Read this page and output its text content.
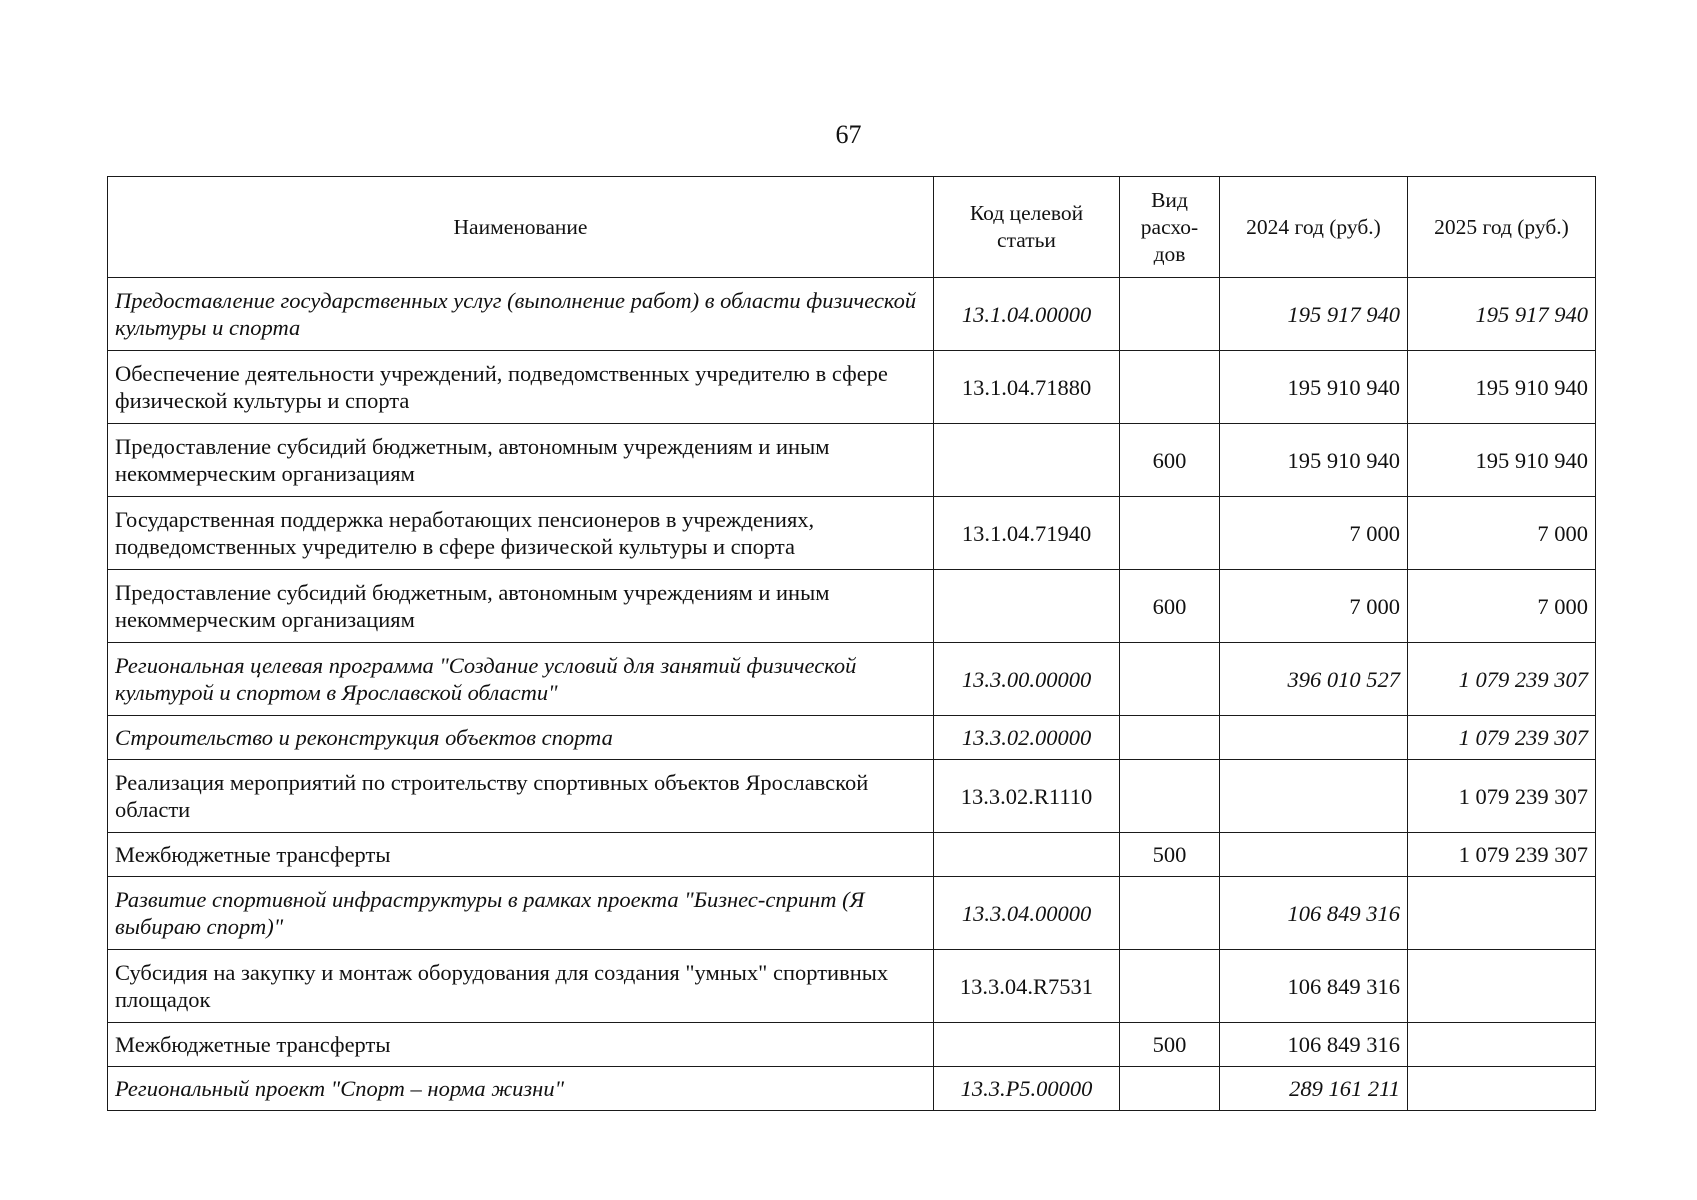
67
Наименование	Код целевой статьи	Вид расхо-дов	2024 год (руб.)	2025 год (руб.)
Предоставление государственных услуг (выполнение работ) в области физической культуры и спорта	13.1.04.00000		195 917 940	195 917 940
Обеспечение деятельности учреждений, подведомственных учредителю в сфере физической культуры и спорта	13.1.04.71880		195 910 940	195 910 940
Предоставление субсидий бюджетным, автономным учреждениям и иным некоммерческим организациям		600	195 910 940	195 910 940
Государственная поддержка неработающих пенсионеров в учреждениях, подведомственных учредителю в сфере физической культуры и спорта	13.1.04.71940		7 000	7 000
Предоставление субсидий бюджетным, автономным учреждениям и иным некоммерческим организациям		600	7 000	7 000
Региональная целевая программа "Создание условий для занятий физической культурой и спортом в Ярославской области"	13.3.00.00000		396 010 527	1 079 239 307
Строительство и реконструкция объектов спорта	13.3.02.00000			1 079 239 307
Реализация мероприятий по строительству спортивных объектов Ярославской области	13.3.02.R1110			1 079 239 307
Межбюджетные трансферты		500		1 079 239 307
Развитие спортивной инфраструктуры в рамках проекта "Бизнес-спринт (Я выбираю спорт)"	13.3.04.00000		106 849 316	
Субсидия на закупку и монтаж оборудования для создания "умных" спортивных площадок	13.3.04.R7531		106 849 316	
Межбюджетные трансферты		500	106 849 316	
Региональный проект "Спорт – норма жизни"	13.3.P5.00000		289 161 211	
